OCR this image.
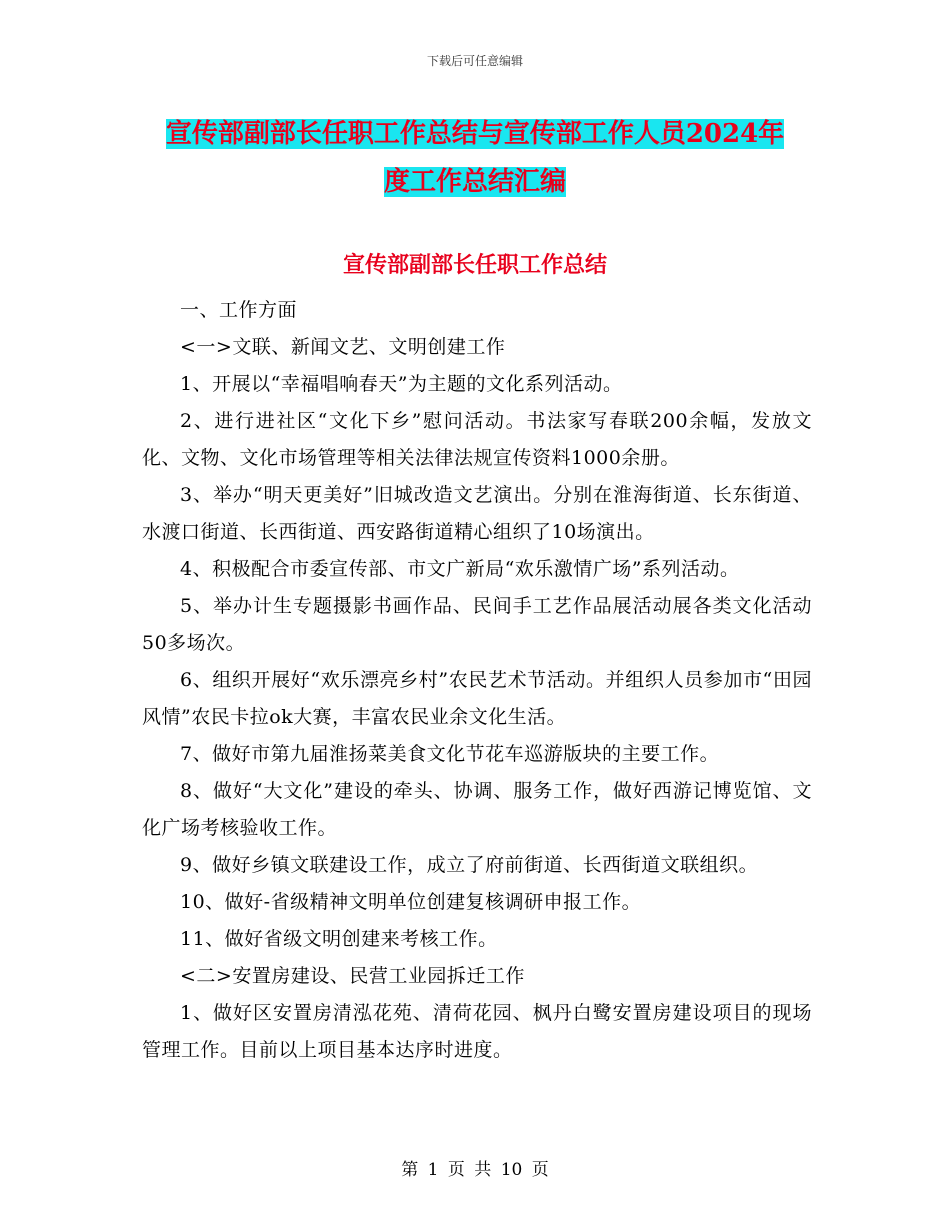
下载后可任意编辑
宣传部副部长任职工作总结与宣传部工作人员2024年
度工作总结汇编
宣传部副部长任职工作总结

一、工作方面

<一>文联、新闻文艺、文明创建工作

1、开展以“幸福唱响春天”为主题的文化系列活动。

2、进行进社区“文化下乡”慰问活动。书法家写春联200余幅，发放文化、文物、文化市场管理等相关法律法规宣传资料1000余册。

3、举办“明天更美好”旧城改造文艺演出。分别在淮海街道、长东街道、水渡口街道、长西街道、西安路街道精心组织了10场演出。

4、积极配合市委宣传部、市文广新局“欢乐激情广场”系列活动。

5、举办计生专题摄影书画作品、民间手工艺作品展活动展各类文化活动50多场次。

6、组织开展好“欢乐漂亮乡村”农民艺术节活动。并组织人员参加市“田园风情”农民卡拉ok大赛，丰富农民业余文化生活。

7、做好市第九届淮扬菜美食文化节花车巡游版块的主要工作。

8、做好“大文化”建设的牵头、协调、服务工作，做好西游记博览馆、文化广场考核验收工作。

9、做好乡镇文联建设工作，成立了府前街道、长西街道文联组织。

10、做好-省级精神文明单位创建复核调研申报工作。

11、做好省级文明创建来考核工作。

<二>安置房建设、民营工业园拆迁工作

1、做好区安置房清泓花苑、清荷花园、枫丹白鹭安置房建设项目的现场管理工作。目前以上项目基本达序时进度。

第 1 页 共 10 页
